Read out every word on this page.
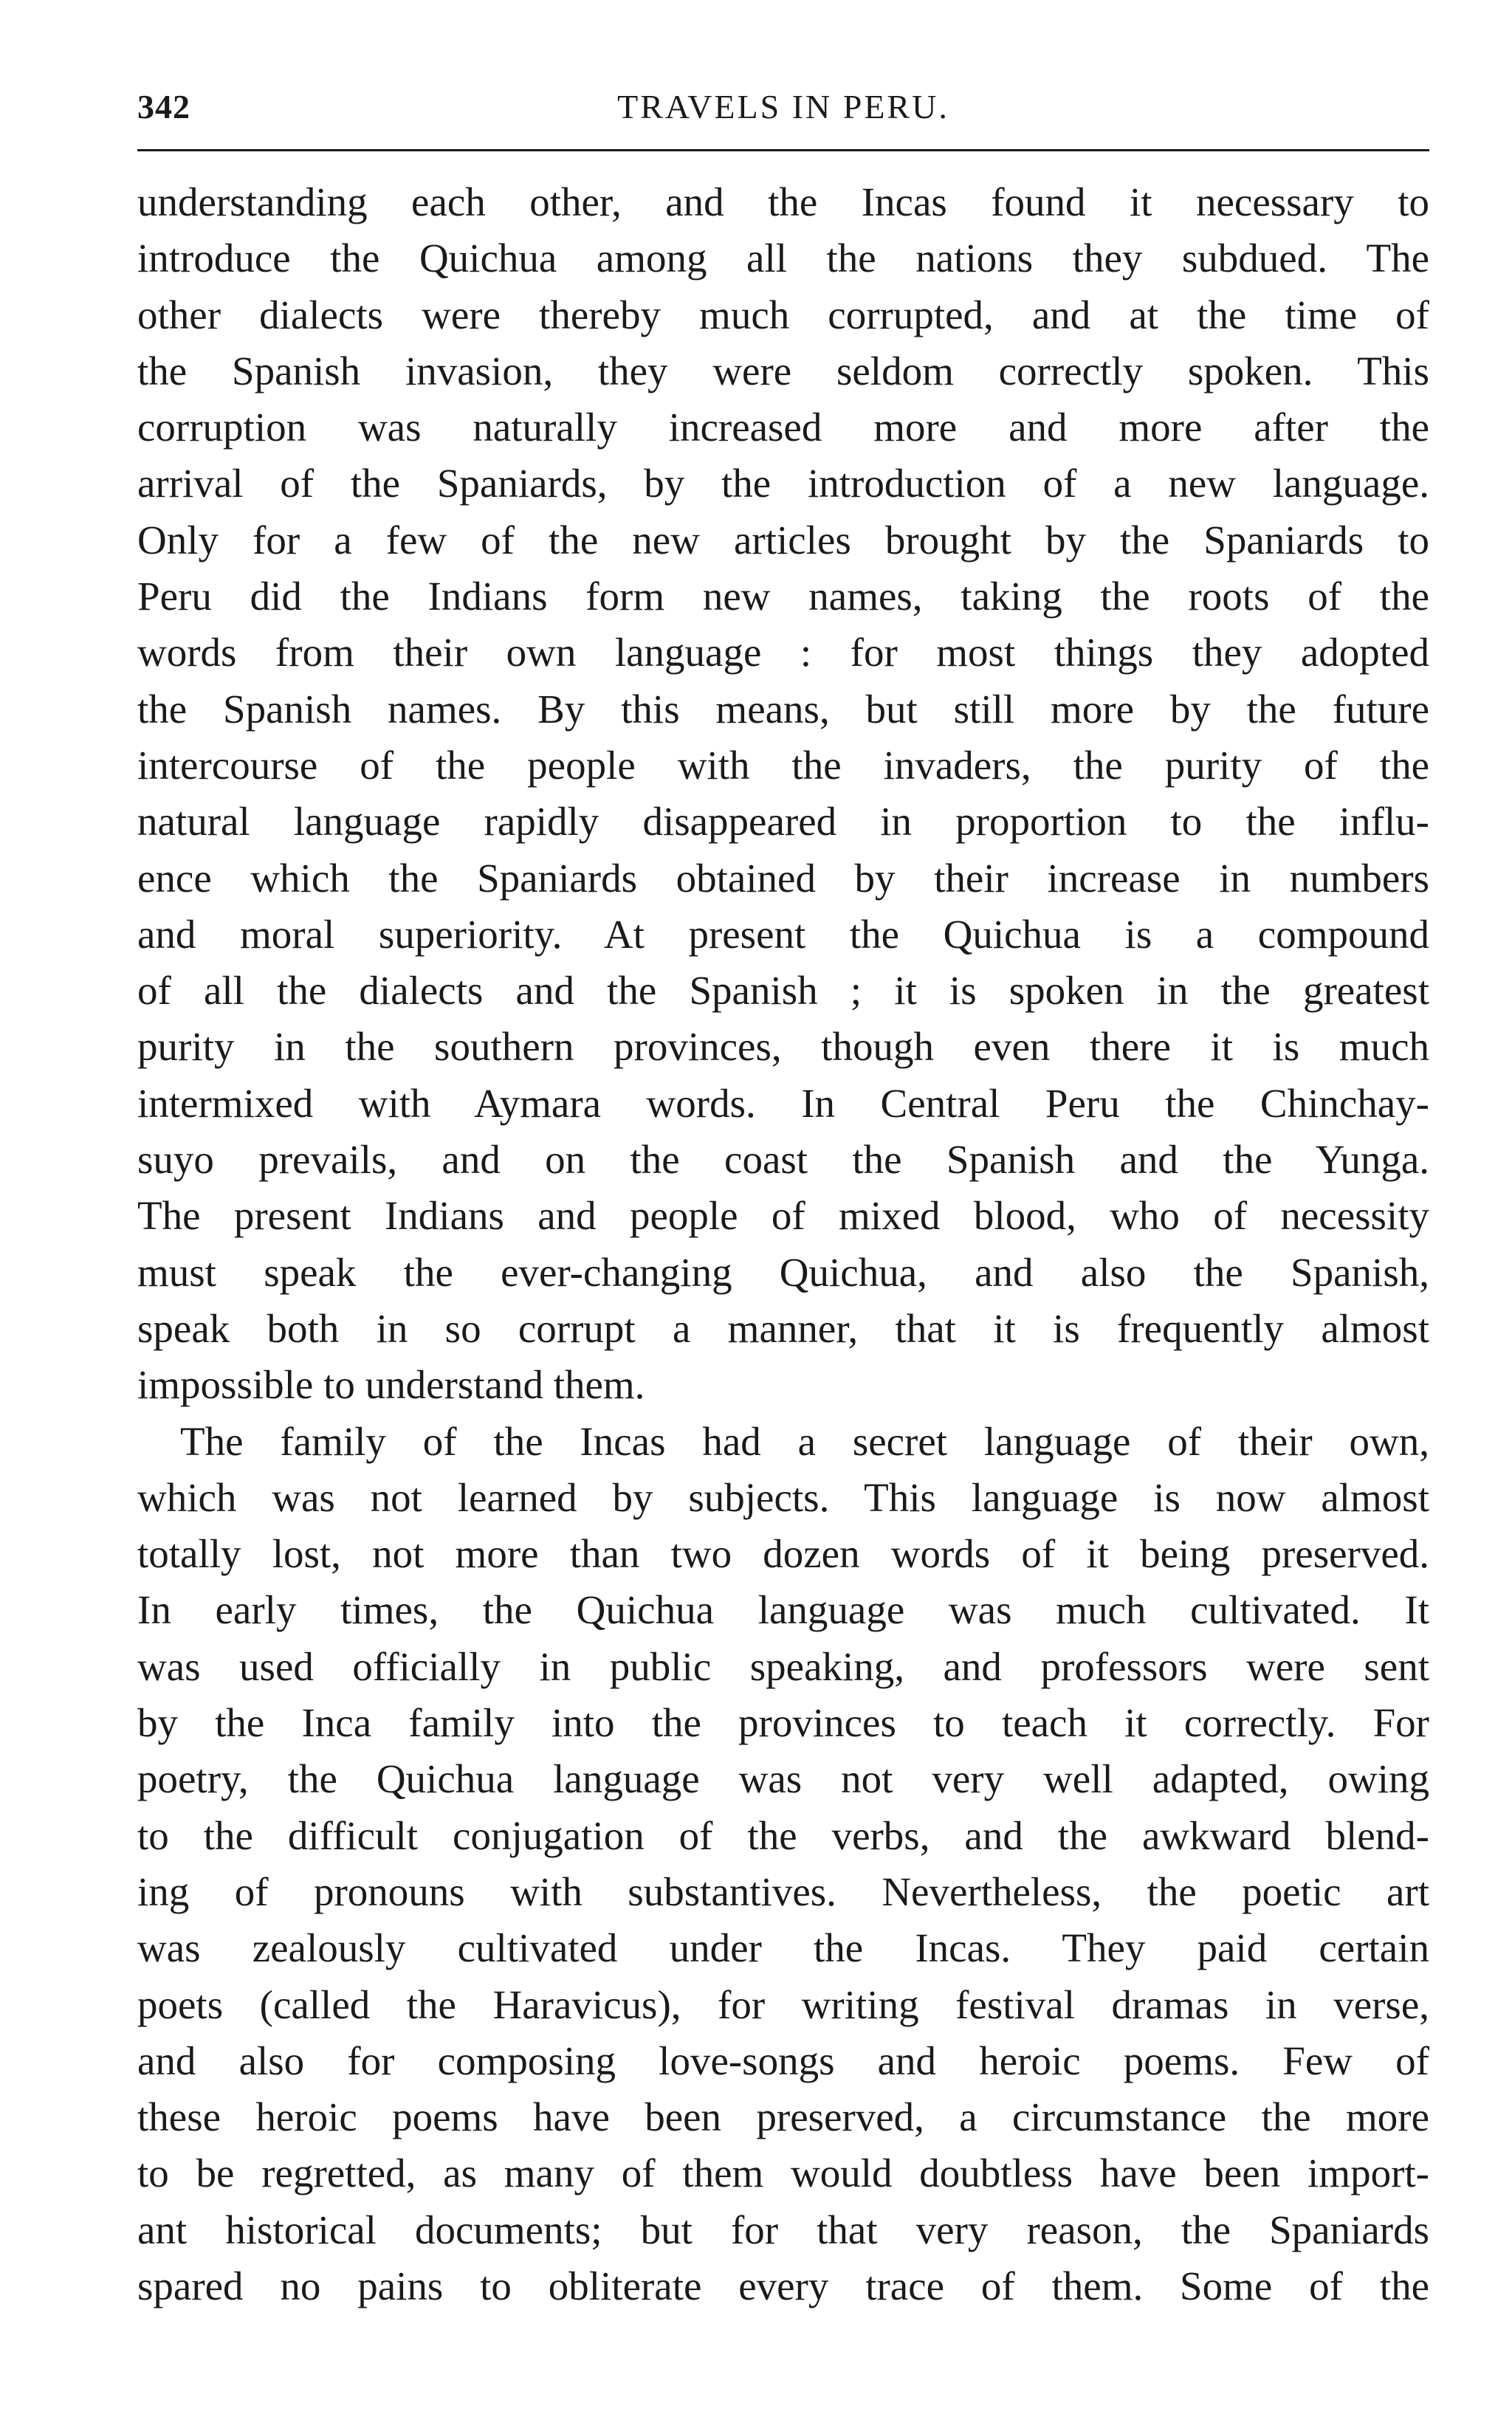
342	TRAVELS IN PERU.
understanding each other, and the Incas found it necessary to
introduce the Quichua among all the nations they subdued. The
other dialects were thereby much corrupted, and at the time of
the Spanish invasion, they were seldom correctly spoken. This
corruption was naturally increased more and more after the
arrival of the Spaniards, by the introduction of a new language.
Only for a few of the new articles brought by the Spaniards to
Peru did the Indians form new names, taking the roots of the
words from their own language : for most things they adopted
the Spanish names. By this means, but still more by the future
intercourse of the people with the invaders, the purity of the
natural language rapidly disappeared in proportion to the influ-
ence which the Spaniards obtained by their increase in numbers
and moral superiority. At present the Quichua is a compound
of all the dialects and the Spanish ; it is spoken in the greatest
purity in the southern provinces, though even there it is much
intermixed with Aymara words. In Central Peru the Chinchay-
suyo prevails, and on the coast the Spanish and the Yunga.
The present Indians and people of mixed blood, who of necessity
must speak the ever-changing Quichua, and also the Spanish,
speak both in so corrupt a manner, that it is frequently almost
impossible to understand them.
The family of the Incas had a secret language of their own,
which was not learned by subjects. This language is now almost
totally lost, not more than two dozen words of it being preserved.
In early times, the Quichua language was much cultivated. It
was used officially in public speaking, and professors were sent
by the Inca family into the provinces to teach it correctly. For
poetry, the Quichua language was not very well adapted, owing
to the difficult conjugation of the verbs, and the awkward blend-
ing of pronouns with substantives. Nevertheless, the poetic art
was zealously cultivated under the Incas. They paid certain
poets (called the Haravicus), for writing festival dramas in verse,
and also for composing love-songs and heroic poems. Few of
these heroic poems have been preserved, a circumstance the more
to be regretted, as many of them would doubtless have been import-
ant historical documents; but for that very reason, the Spaniards
spared no pains to obliterate every trace of them. Some of the
